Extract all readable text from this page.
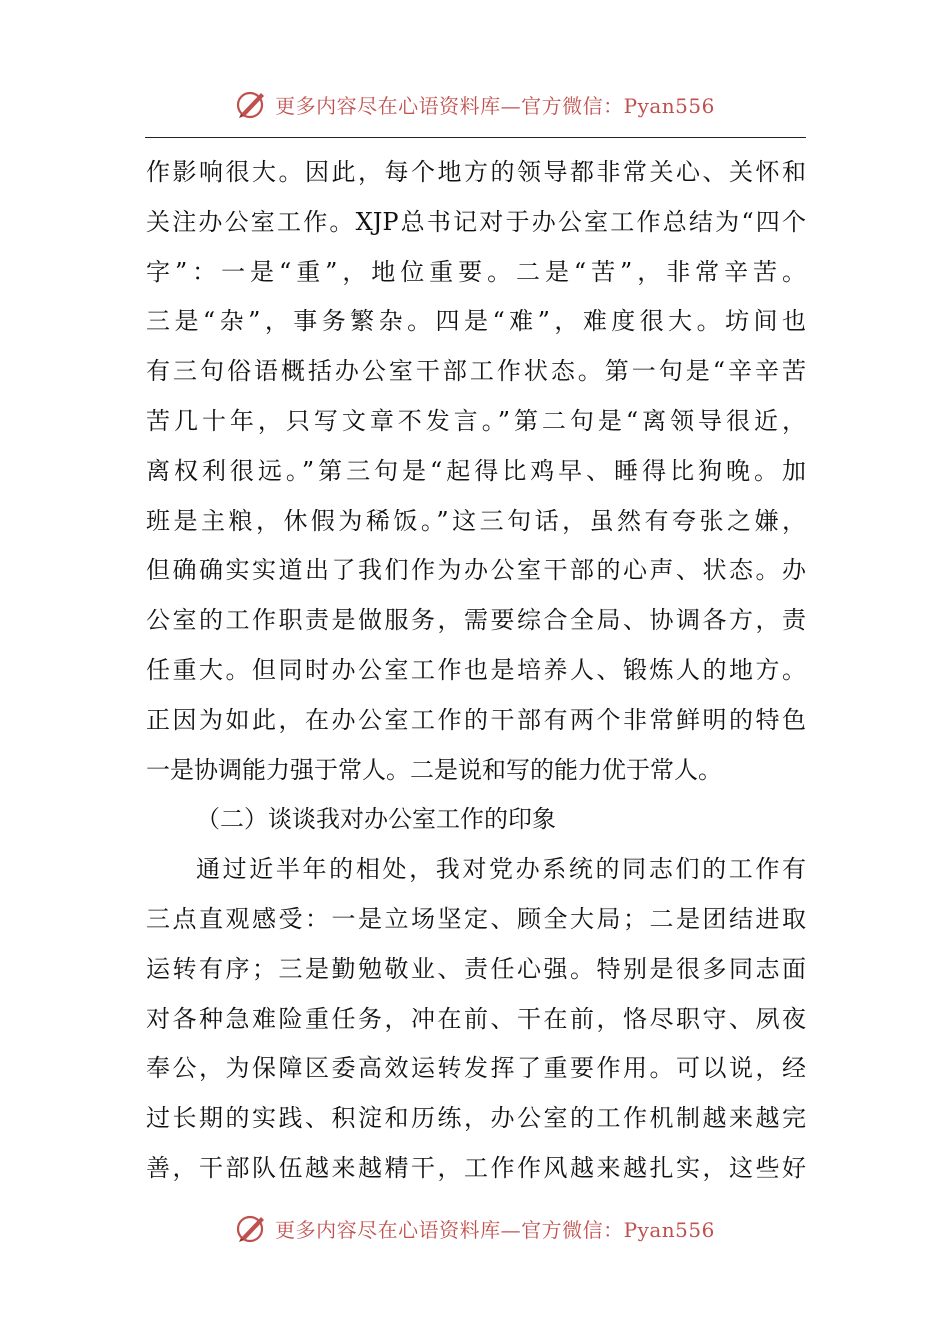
更多内容尽在心语资料库—官方微信：Pyan556
作影响很大。因此，每个地方的领导都非常关心、关怀和
关注办公室工作。XJP总书记对于办公室工作总结为“四个
字”：一是“重”，地位重要。二是“苦”，非常辛苦。
三是“杂”，事务繁杂。四是“难”，难度很大。坊间也
有三句俗语概括办公室干部工作状态。第一句是“辛辛苦
苦几十年，只写文章不发言。”第二句是“离领导很近，
离权利很远。”第三句是“起得比鸡早、睡得比狗晚。加
班是主粮，休假为稀饭。”这三句话，虽然有夸张之嫌，
但确确实实道出了我们作为办公室干部的心声、状态。办
公室的工作职责是做服务，需要综合全局、协调各方，责
任重大。但同时办公室工作也是培养人、锻炼人的地方。
正因为如此，在办公室工作的干部有两个非常鲜明的特色
一是协调能力强于常人。二是说和写的能力优于常人。
（二）谈谈我对办公室工作的印象
通过近半年的相处，我对党办系统的同志们的工作有
三点直观感受：一是立场坚定、顾全大局；二是团结进取
运转有序；三是勤勉敬业、责任心强。特别是很多同志面
对各种急难险重任务，冲在前、干在前，恪尽职守、夙夜
奉公，为保障区委高效运转发挥了重要作用。可以说，经
过长期的实践、积淀和历练，办公室的工作机制越来越完
善，干部队伍越来越精干，工作作风越来越扎实，这些好
更多内容尽在心语资料库—官方微信：Pyan556
